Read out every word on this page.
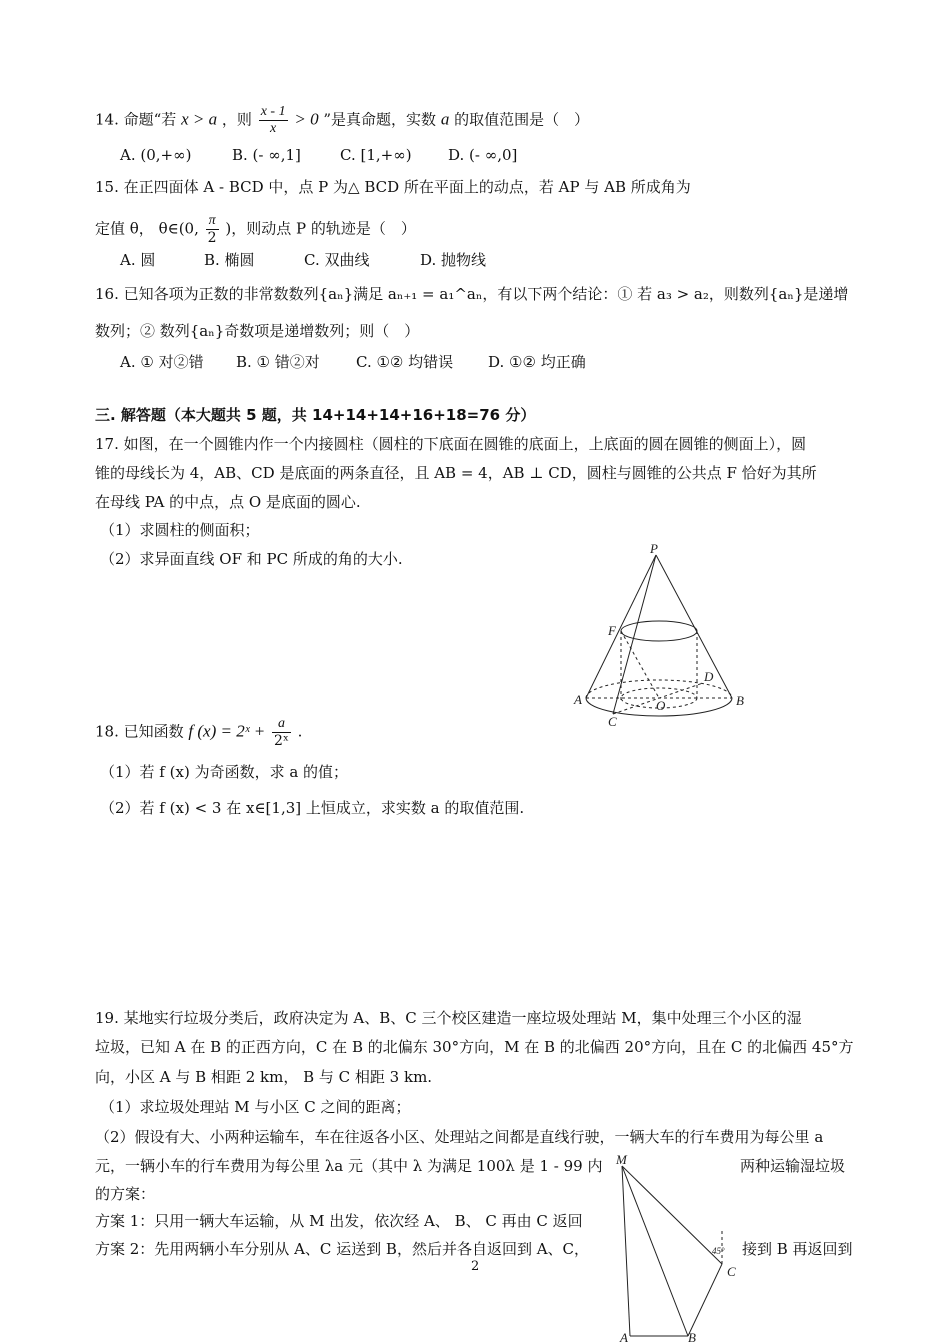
14. 命题“若 x > a ，则 $\frac{x - 1}{x} > 0$ ”是真命题，实数 a 的取值范围是（　）
A. (0,+∞)	B. (- ∞,1]	C. [1,+∞) D. (- ∞,0]
15. 在正四面体 A - BCD 中，点 P 为△ BCD 所在平面上的动点，若 AP 与 AB 所成角为
定值 θ， θ∈(0, $\frac{\pi}{2}$ )，则动点 P 的轨迹是（　）
A. 圆	B. 椭圆	C. 双曲线	D. 抛物线
16. 已知各项为正数的非常数数列{aₙ}满足 aₙ₊₁ = a₁^aₙ，有以下两个结论：① 若 a₃ > a₂，则数列{aₙ}是递增
数列；② 数列{aₙ}奇数项是递增数列；则（　）
A. ① 对②错 B. ① 错②对 C. ①② 均错误 D. ①② 均正确
三. 解答题（本大题共 5 题，共 14+14+14+16+18=76 分）
17. 如图，在一个圆锥内作一个内接圆柱（圆柱的下底面在圆锥的底面上，上底面的圆在圆锥的侧面上），圆
锥的母线长为 4，AB、CD 是底面的两条直径，且 AB = 4，AB ⊥ CD，圆柱与圆锥的公共点 F 恰好为其所
在母线 PA 的中点，点 O 是底面的圆心.
（1）求圆柱的侧面积；
（2）求异面直线 OF 和 PC 所成的角的大小.
P
F
A	B
C
D
O
18. 已知函数 f (x) = 2ˣ + $\frac{a}{\text{2ˣ}}$ .
（1）若 f (x) 为奇函数，求 a 的值；
（2）若 f (x) < 3 在 x∈[1,3] 上恒成立，求实数 a 的取值范围.
19. 某地实行垃圾分类后，政府决定为 A、B、C 三个校区建造一座垃圾处理站 M，集中处理三个小区的湿
垃圾，已知 A 在 B 的正西方向，C 在 B 的北偏东 30°方向，M 在 B 的北偏西 20°方向，且在 C 的北偏西 45°方
向，小区 A 与 B 相距 2 km， B 与 C 相距 3 km.
（1）求垃圾处理站 M 与小区 C 之间的距离；
（2）假设有大、小两种运输车，车在往返各小区、处理站之间都是直线行驶，一辆大车的行车费用为每公里 a
元，一辆小车的行车费用为每公里 λa 元（其中 λ 为满足 100λ 是 1 - 99 内	两种运输湿垃圾
的方案：
方案 1：只用一辆大车运输，从 M 出发，依次经 A、 B、 C 再由 C 返回
方案 2：先用两辆小车分别从 A、C 运送到 B，然后并各自返回到 A、C，	接到 B 再返回到
M
A	B
C
45°
2
